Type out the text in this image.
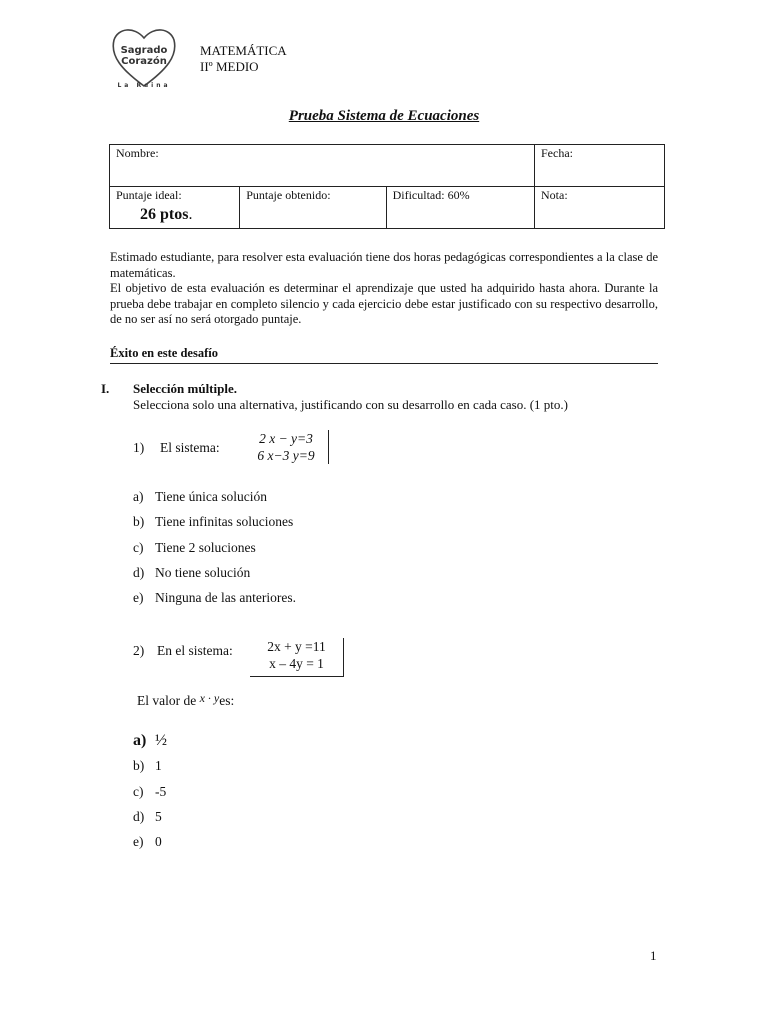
Sagrado
Corazón
La Reina
MATEMÁTICA
IIº MEDIO
Prueba Sistema de Ecuaciones
Nombre:			Fecha:
Puntaje ideal:
26 ptos.	Puntaje obtenido:	Dificultad: 60%	Nota:

Estimado estudiante, para resolver esta evaluación tiene dos horas pedagógicas correspondientes a la clase de matemáticas.

El objetivo de esta evaluación es determinar el aprendizaje que usted ha adquirido hasta ahora. Durante la prueba debe trabajar en completo silencio y cada ejercicio debe estar justificado con su respectivo desarrollo, de no ser así no será otorgado puntaje.

Éxito en este desafío
I. Selección múltiple.
Selecciona solo una alternativa, justificando con su desarrollo en cada caso. (1 pto.)
1) El sistema:
2 x − y=3
6 x−3 y=9
a) Tiene única solución
b) Tiene infinitas soluciones
c) Tiene 2 soluciones
d) No tiene solución
e) Ninguna de las anteriores.
2) En el sistema:	2x + y =11
x – 4y = 1
El valor de x · yes:
a) ½
b) 1
c) -5
d) 5
e) 0
1
